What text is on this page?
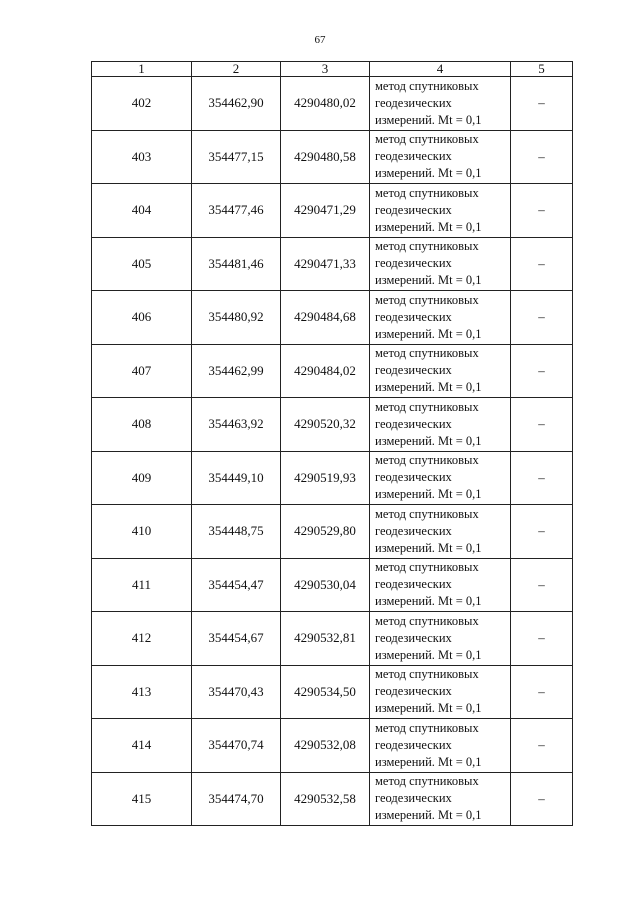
67
1	2	3	4	5
402	354462,90	4290480,02	метод спутниковых
геодезических
измерений. Mt = 0,1	–
403	354477,15	4290480,58	метод спутниковых
геодезических
измерений. Mt = 0,1	–
404	354477,46	4290471,29	метод спутниковых
геодезических
измерений. Mt = 0,1	–
405	354481,46	4290471,33	метод спутниковых
геодезических
измерений. Mt = 0,1	–
406	354480,92	4290484,68	метод спутниковых
геодезических
измерений. Mt = 0,1	–
407	354462,99	4290484,02	метод спутниковых
геодезических
измерений. Mt = 0,1	–
408	354463,92	4290520,32	метод спутниковых
геодезических
измерений. Mt = 0,1	–
409	354449,10	4290519,93	метод спутниковых
геодезических
измерений. Mt = 0,1	–
410	354448,75	4290529,80	метод спутниковых
геодезических
измерений. Mt = 0,1	–
411	354454,47	4290530,04	метод спутниковых
геодезических
измерений. Mt = 0,1	–
412	354454,67	4290532,81	метод спутниковых
геодезических
измерений. Mt = 0,1	–
413	354470,43	4290534,50	метод спутниковых
геодезических
измерений. Mt = 0,1	–
414	354470,74	4290532,08	метод спутниковых
геодезических
измерений. Mt = 0,1	–
415	354474,70	4290532,58	метод спутниковых
геодезических
измерений. Mt = 0,1	–
